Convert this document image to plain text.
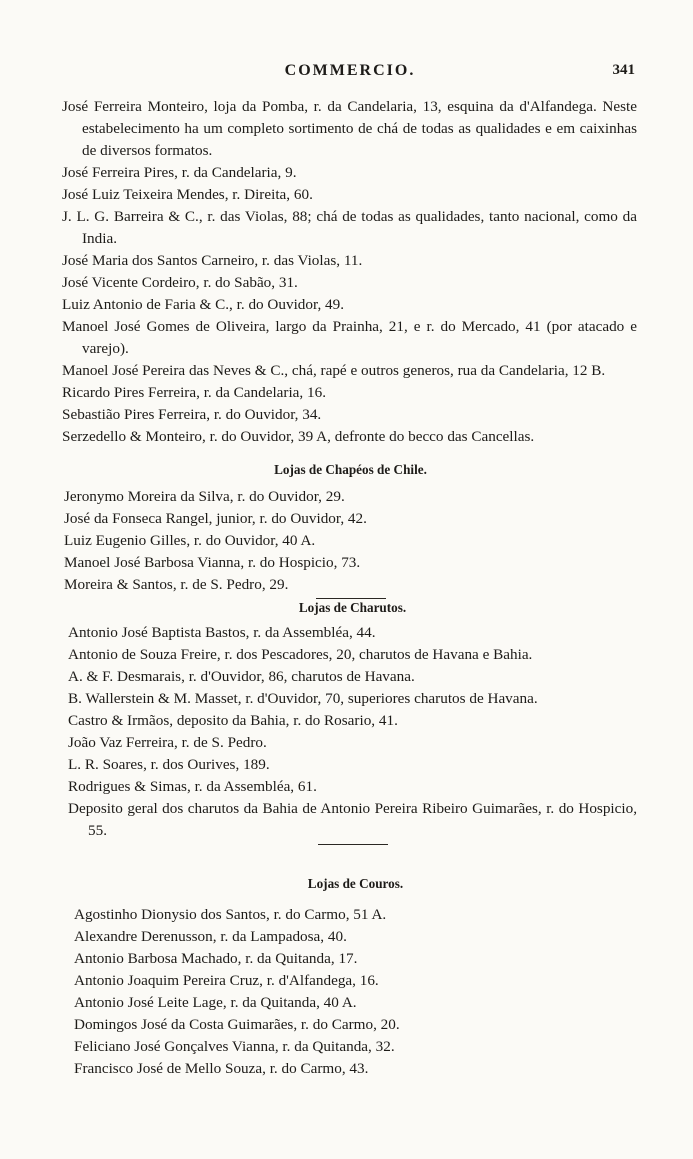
COMMERCIO.	341

José Ferreira Monteiro, loja da Pomba, r. da Candelaria, 13, esquina da d'Alfandega. Neste estabelecimento ha um completo sortimento de chá de todas as qualidades e em caixinhas de diversos formatos.

José Ferreira Pires, r. da Candelaria, 9.

José Luiz Teixeira Mendes, r. Direita, 60.

J. L. G. Barreira & C., r. das Violas, 88; chá de todas as qualidades, tanto nacional, como da India.

José Maria dos Santos Carneiro, r. das Violas, 11.

José Vicente Cordeiro, r. do Sabão, 31.

Luiz Antonio de Faria & C., r. do Ouvidor, 49.

Manoel José Gomes de Oliveira, largo da Prainha, 21, e r. do Mercado, 41 (por atacado e varejo).

Manoel José Pereira das Neves & C., chá, rapé e outros generos, rua da Candelaria, 12 B.

Ricardo Pires Ferreira, r. da Candelaria, 16.

Sebastião Pires Ferreira, r. do Ouvidor, 34.

Serzedello & Monteiro, r. do Ouvidor, 39 A, defronte do becco das Cancellas.

Lojas de Chapéos de Chile.

Jeronymo Moreira da Silva, r. do Ouvidor, 29.

José da Fonseca Rangel, junior, r. do Ouvidor, 42.

Luiz Eugenio Gilles, r. do Ouvidor, 40 A.

Manoel José Barbosa Vianna, r. do Hospicio, 73.

Moreira & Santos, r. de S. Pedro, 29.

Lojas de Charutos.

Antonio José Baptista Bastos, r. da Assembléa, 44.

Antonio de Souza Freire, r. dos Pescadores, 20, charutos de Havana e Bahia.

A. & F. Desmarais, r. d'Ouvidor, 86, charutos de Havana.

B. Wallerstein & M. Masset, r. d'Ouvidor, 70, superiores charutos de Havana.

Castro & Irmãos, deposito da Bahia, r. do Rosario, 41.

João Vaz Ferreira, r. de S. Pedro.

L. R. Soares, r. dos Ourives, 189.

Rodrigues & Simas, r. da Assembléa, 61.

Deposito geral dos charutos da Bahia de Antonio Pereira Ribeiro Guimarães, r. do Hospicio, 55.

Lojas de Couros.

Agostinho Dionysio dos Santos, r. do Carmo, 51 A.

Alexandre Derenusson, r. da Lampadosa, 40.

Antonio Barbosa Machado, r. da Quitanda, 17.

Antonio Joaquim Pereira Cruz, r. d'Alfandega, 16.

Antonio José Leite Lage, r. da Quitanda, 40 A.

Domingos José da Costa Guimarães, r. do Carmo, 20.

Feliciano José Gonçalves Vianna, r. da Quitanda, 32.

Francisco José de Mello Souza, r. do Carmo, 43.
